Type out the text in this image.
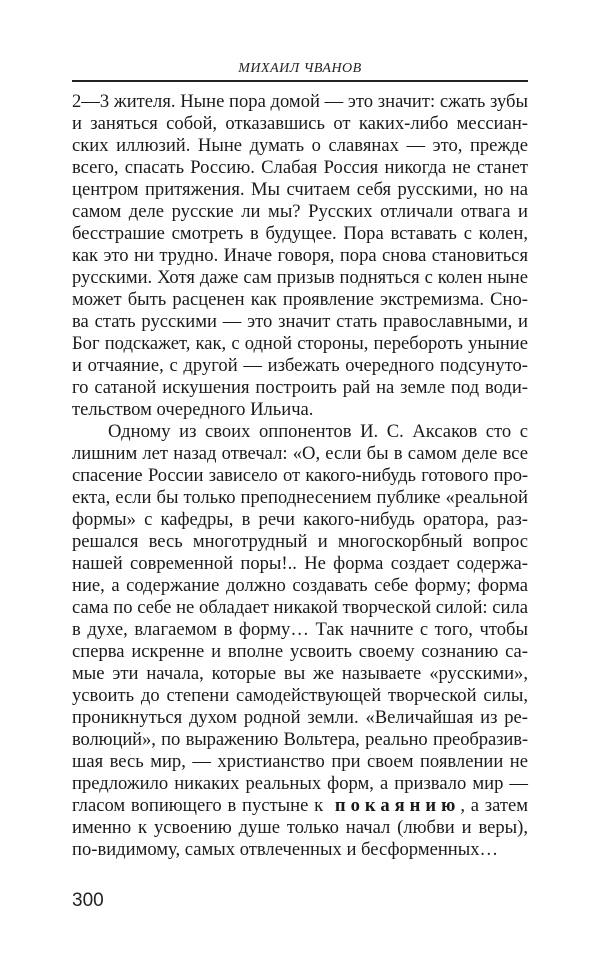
МИХАИЛ ЧВАНОВ
2—3 жителя. Ныне пора домой — это значит: сжать зубы
и заняться собой, отказавшись от каких-либо мессиан-
ских иллюзий. Ныне думать о славянах — это, прежде
всего, спасать Россию. Слабая Россия никогда не станет
центром притяжения. Мы считаем себя русскими, но на
самом деле русские ли мы? Русских отличали отвага и
бесстрашие смотреть в будущее. Пора вставать с колен,
как это ни трудно. Иначе говоря, пора снова становиться
русскими. Хотя даже сам призыв подняться с колен ныне
может быть расценен как проявление экстремизма. Сно-
ва стать русскими — это значит стать православными, и
Бог подскажет, как, с одной стороны, перебороть уныние
и отчаяние, с другой — избежать очередного подсунуто-
го сатаной искушения построить рай на земле под води-
тельством очередного Ильича.
Одному из своих оппонентов И. С. Аксаков сто с
лишним лет назад отвечал: «О, если бы в самом деле все
спасение России зависело от какого-нибудь готового про-
екта, если бы только преподнесением публике «реальной
формы» с кафедры, в речи какого-нибудь оратора, раз-
решался весь многотрудный и многоскорбный вопрос
нашей современной поры!.. Не форма создает содержа-
ние, а содержание должно создавать себе форму; форма
сама по себе не обладает никакой творческой силой: сила
в духе, влагаемом в форму… Так начните с того, чтобы
сперва искренне и вполне усвоить своему сознанию са-
мые эти начала, которые вы же называете «русскими»,
усвоить до степени самодействующей творческой силы,
проникнуться духом родной земли. «Величайшая из ре-
волюций», по выражению Вольтера, реально преобразив-
шая весь мир, — христианство при своем появлении не
предложило никаких реальных форм, а призвало мир —
гласом вопиющего в пустыне к покаянию, а затем
именно к усвоению душе только начал (любви и веры),
по-видимому, самых отвлеченных и бесформенных…
300
